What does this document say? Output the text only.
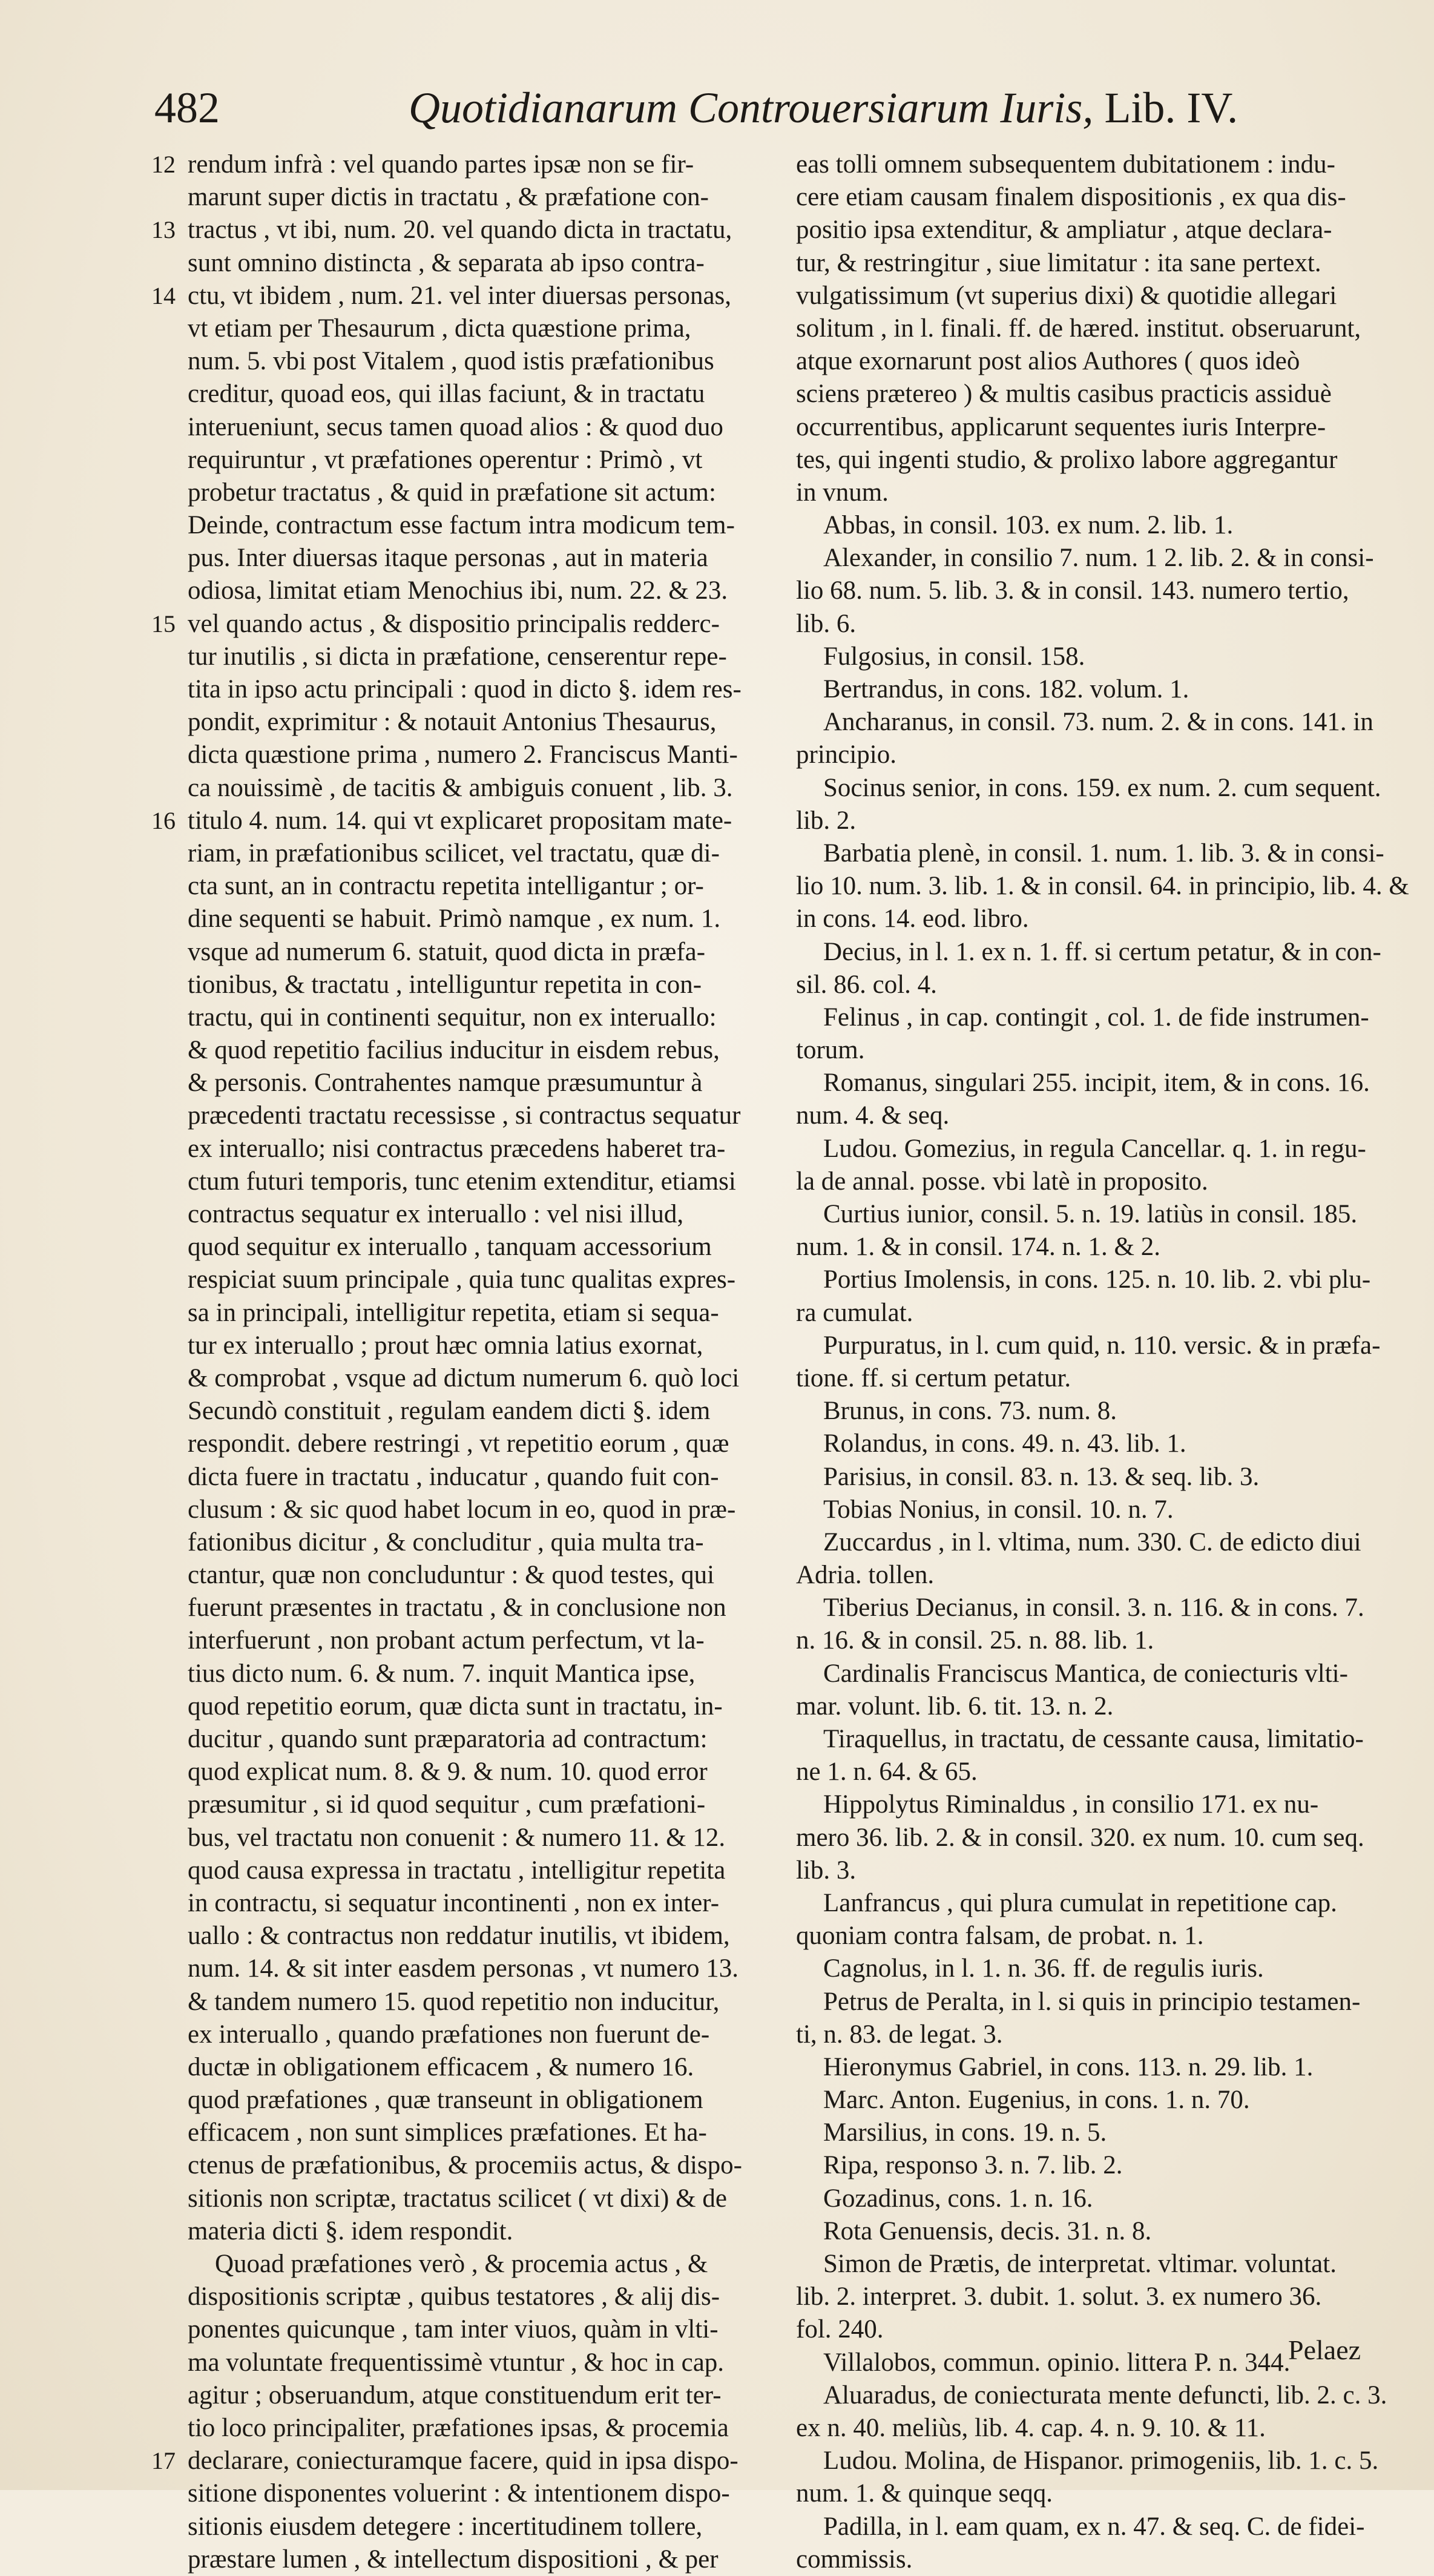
482	Quotidianarum Controuersiarum Iuris, Lib. IV.
12 rendum infrà : vel quando partes ipsæ non se fir-
marunt super dictis in tractatu , & præfatione con-
13 tractus , vt ibi, num. 20. vel quando dicta in tractatu,
sunt omnino distincta , & separata ab ipso contra-
14 ctu, vt ibidem , num. 21. vel inter diuersas personas,
vt etiam per Thesaurum , dicta quæstione prima,
num. 5. vbi post Vitalem , quod istis præfationibus
creditur, quoad eos, qui illas faciunt, & in tractatu
interueniunt, secus tamen quoad alios : & quod duo
requiruntur , vt præfationes operentur : Primò , vt
probetur tractatus , & quid in præfatione sit actum:
Deinde, contractum esse factum intra modicum tem-
pus. Inter diuersas itaque personas , aut in materia
odiosa, limitat etiam Menochius ibi, num. 22. & 23.
15 vel quando actus , & dispositio principalis redderc-
tur inutilis , si dicta in præfatione, censerentur repe-
tita in ipso actu principali : quod in dicto §. idem res-
pondit, exprimitur : & notauit Antonius Thesaurus,
dicta quæstione prima , numero 2. Franciscus Manti-
ca nouissimè , de tacitis & ambiguis conuent , lib. 3.
16 titulo 4. num. 14. qui vt explicaret propositam mate-
riam, in præfationibus scilicet, vel tractatu, quæ di-
cta sunt, an in contractu repetita intelligantur ; or-
dine sequenti se habuit. Primò namque , ex num. 1.
vsque ad numerum 6. statuit, quod dicta in præfa-
tionibus, & tractatu , intelliguntur repetita in con-
tractu, qui in continenti sequitur, non ex interuallo:
& quod repetitio facilius inducitur in eisdem rebus,
& personis. Contrahentes namque præsumuntur à
præcedenti tractatu recessisse , si contractus sequatur
ex interuallo; nisi contractus præcedens haberet tra-
ctum futuri temporis, tunc etenim extenditur, etiamsi
contractus sequatur ex interuallo : vel nisi illud,
quod sequitur ex interuallo , tanquam accessorium
respiciat suum principale , quia tunc qualitas expres-
sa in principali, intelligitur repetita, etiam si sequa-
tur ex interuallo ; prout hæc omnia latius exornat,
& comprobat , vsque ad dictum numerum 6. quò loci
Secundò constituit , regulam eandem dicti §. idem
respondit. debere restringi , vt repetitio eorum , quæ
dicta fuere in tractatu , inducatur , quando fuit con-
clusum : & sic quod habet locum in eo, quod in præ-
fationibus dicitur , & concluditur , quia multa tra-
ctantur, quæ non concluduntur : & quod testes, qui
fuerunt præsentes in tractatu , & in conclusione non
interfuerunt , non probant actum perfectum, vt la-
tius dicto num. 6. & num. 7. inquit Mantica ipse,
quod repetitio eorum, quæ dicta sunt in tractatu, in-
ducitur , quando sunt præparatoria ad contractum:
quod explicat num. 8. & 9. & num. 10. quod error
præsumitur , si id quod sequitur , cum præfationi-
bus, vel tractatu non conuenit : & numero 11. & 12.
quod causa expressa in tractatu , intelligitur repetita
in contractu, si sequatur incontinenti , non ex inter-
uallo : & contractus non reddatur inutilis, vt ibidem,
num. 14. & sit inter easdem personas , vt numero 13.
& tandem numero 15. quod repetitio non inducitur,
ex interuallo , quando præfationes non fuerunt de-
ductæ in obligationem efficacem , & numero 16.
quod præfationes , quæ transeunt in obligationem
efficacem , non sunt simplices præfationes. Et ha-
ctenus de præfationibus, & procemiis actus, & dispo-
sitionis non scriptæ, tractatus scilicet ( vt dixi) & de
materia dicti §. idem respondit.
Quoad præfationes verò , & procemia actus , &
dispositionis scriptæ , quibus testatores , & alij dis-
ponentes quicunque , tam inter viuos, quàm in vlti-
ma voluntate frequentissimè vtuntur , & hoc in cap.
agitur ; obseruandum, atque constituendum erit ter-
tio loco principaliter, præfationes ipsas, & procemia
17 declarare, coniecturamque facere, quid in ipsa dispo-
sitione disponentes voluerint : & intentionem dispo-
sitionis eiusdem detegere : incertitudinem tollere,
præstare lumen , & intellectum dispositioni , & per
eas tolli omnem subsequentem dubitationem : indu-
cere etiam causam finalem dispositionis , ex qua dis-
positio ipsa extenditur, & ampliatur , atque declara-
tur, & restringitur , siue limitatur : ita sane pertext.
vulgatissimum (vt superius dixi) & quotidie allegari
solitum , in l. finali. ff. de hæred. institut. obseruarunt,
atque exornarunt post alios Authores ( quos ideò
sciens prætereo ) & multis casibus practicis assiduè
occurrentibus, applicarunt sequentes iuris Interpre-
tes, qui ingenti studio, & prolixo labore aggregantur
in vnum.
Abbas, in consil. 103. ex num. 2. lib. 1.
Alexander, in consilio 7. num. 1 2. lib. 2. & in consi-
lio 68. num. 5. lib. 3. & in consil. 143. numero tertio,
lib. 6.
Fulgosius, in consil. 158.
Bertrandus, in cons. 182. volum. 1.
Ancharanus, in consil. 73. num. 2. & in cons. 141. in
principio.
Socinus senior, in cons. 159. ex num. 2. cum sequent.
lib. 2.
Barbatia plenè, in consil. 1. num. 1. lib. 3. & in consi-
lio 10. num. 3. lib. 1. & in consil. 64. in principio, lib. 4. &
in cons. 14. eod. libro.
Decius, in l. 1. ex n. 1. ff. si certum petatur, & in con-
sil. 86. col. 4.
Felinus , in cap. contingit , col. 1. de fide instrumen-
torum.
Romanus, singulari 255. incipit, item, & in cons. 16.
num. 4. & seq.
Ludou. Gomezius, in regula Cancellar. q. 1. in regu-
la de annal. posse. vbi latè in proposito.
Curtius iunior, consil. 5. n. 19. latiùs in consil. 185.
num. 1. & in consil. 174. n. 1. & 2.
Portius Imolensis, in cons. 125. n. 10. lib. 2. vbi plu-
ra cumulat.
Purpuratus, in l. cum quid, n. 110. versic. & in præfa-
tione. ff. si certum petatur.
Brunus, in cons. 73. num. 8.
Rolandus, in cons. 49. n. 43. lib. 1.
Parisius, in consil. 83. n. 13. & seq. lib. 3.
Tobias Nonius, in consil. 10. n. 7.
Zuccardus , in l. vltima, num. 330. C. de edicto diui
Adria. tollen.
Tiberius Decianus, in consil. 3. n. 116. & in cons. 7.
n. 16. & in consil. 25. n. 88. lib. 1.
Cardinalis Franciscus Mantica, de coniecturis vlti-
mar. volunt. lib. 6. tit. 13. n. 2.
Tiraquellus, in tractatu, de cessante causa, limitatio-
ne 1. n. 64. & 65.
Hippolytus Riminaldus , in consilio 171. ex nu-
mero 36. lib. 2. & in consil. 320. ex num. 10. cum seq.
lib. 3.
Lanfrancus , qui plura cumulat in repetitione cap.
quoniam contra falsam, de probat. n. 1.
Cagnolus, in l. 1. n. 36. ff. de regulis iuris.
Petrus de Peralta, in l. si quis in principio testamen-
ti, n. 83. de legat. 3.
Hieronymus Gabriel, in cons. 113. n. 29. lib. 1.
Marc. Anton. Eugenius, in cons. 1. n. 70.
Marsilius, in cons. 19. n. 5.
Ripa, responso 3. n. 7. lib. 2.
Gozadinus, cons. 1. n. 16.
Rota Genuensis, decis. 31. n. 8.
Simon de Prætis, de interpretat. vltimar. voluntat.
lib. 2. interpret. 3. dubit. 1. solut. 3. ex numero 36.
fol. 240.
Villalobos, commun. opinio. littera P. n. 344.
Aluaradus, de coniecturata mente defuncti, lib. 2. c. 3.
ex n. 40. meliùs, lib. 4. cap. 4. n. 9. 10. & 11.
Ludou. Molina, de Hispanor. primogeniis, lib. 1. c. 5.
num. 1. & quinque seqq.
Padilla, in l. eam quam, ex n. 47. & seq. C. de fidei-
commissis.
Pelaez
